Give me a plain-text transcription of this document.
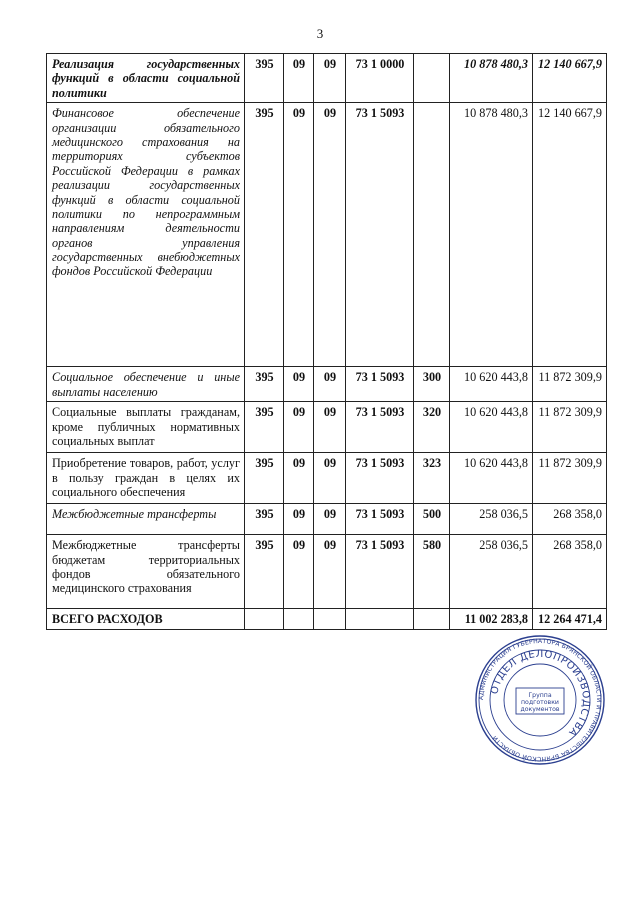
3
Реализация государственных функций в области социальной политики	395	09	09	73 1 0000		10 878 480,3	12 140 667,9
Финансовое обеспечение организации обязательного медицинского страхования на территориях субъектов Российской Федерации в рамках реализации государственных функций в области социальной политики по непрограммным направлениям деятельности органов управления государственных внебюджетных фондов Российской Федерации	395	09	09	73 1 5093		10 878 480,3	12 140 667,9
Социальное обеспечение и иные выплаты населению	395	09	09	73 1 5093	300	10 620 443,8	11 872 309,9
Социальные выплаты гражданам, кроме публичных нормативных социальных выплат	395	09	09	73 1 5093	320	10 620 443,8	11 872 309,9
Приобретение товаров, работ, услуг в пользу граждан в целях их социального обеспечения	395	09	09	73 1 5093	323	10 620 443,8	11 872 309,9
Межбюджетные трансферты	395	09	09	73 1 5093	500	258 036,5	268 358,0
Межбюджетные трансферты бюджетам территориальных фондов обязательного медицинского страхования	395	09	09	73 1 5093	580	258 036,5	268 358,0
ВСЕГО РАСХОДОВ						11 002 283,8	12 264 471,4
АДМИНИСТРАЦИЯ ГУБЕРНАТОРА БРЯНСКОЙ ОБЛАСТИ И ПРАВИТЕЛЬСТВА БРЯНСКОЙ ОБЛАСТИ
ОТДЕЛ ДЕЛОПРОИЗВОДСТВА
Группа
подготовки
документов
